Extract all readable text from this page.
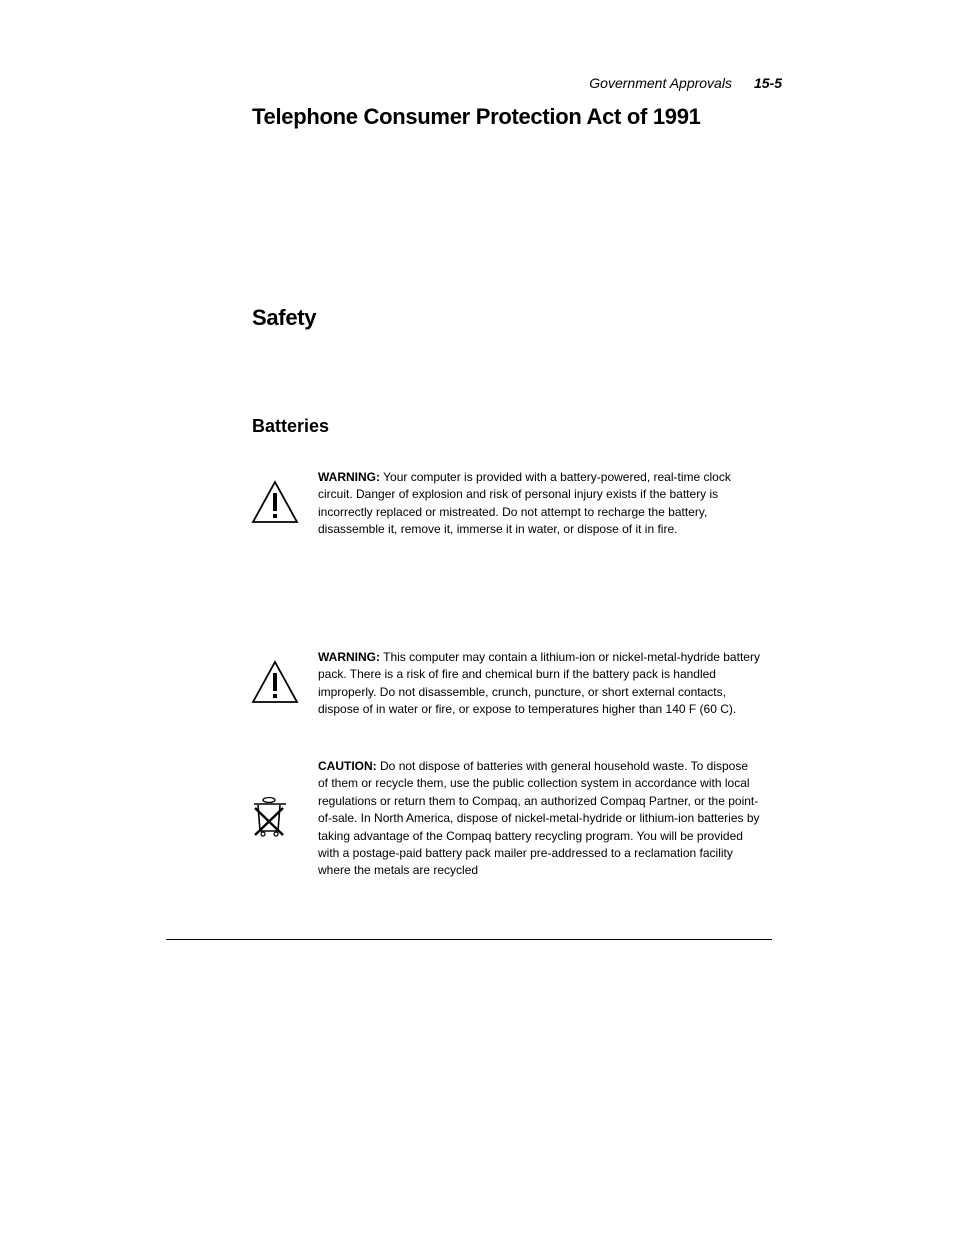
Government Approvals 15-5
Telephone Consumer Protection Act of 1991
Safety
Batteries
WARNING: Your computer is provided with a battery-powered, real-time clock circuit. Danger of explosion and risk of personal injury exists if the battery is incorrectly replaced or mistreated. Do not attempt to recharge the battery, disassemble it, remove it, immerse it in water, or dispose of it in fire.
WARNING: This computer may contain a lithium-ion or nickel-metal-hydride battery pack. There is a risk of fire and chemical burn if the battery pack is handled improperly. Do not disassemble, crunch, puncture, or short external contacts, dispose of in water or fire, or expose to temperatures higher than 140 F (60 C).
CAUTION: Do not dispose of batteries with general household waste. To dispose of them or recycle them, use the public collection system in accordance with local regulations or return them to Compaq, an authorized Compaq Partner, or the point-of-sale. In North America, dispose of nickel-metal-hydride or lithium-ion batteries by taking advantage of the Compaq battery recycling program. You will be provided with a postage-paid battery pack mailer pre-addressed to a reclamation facility where the metals are recycled
